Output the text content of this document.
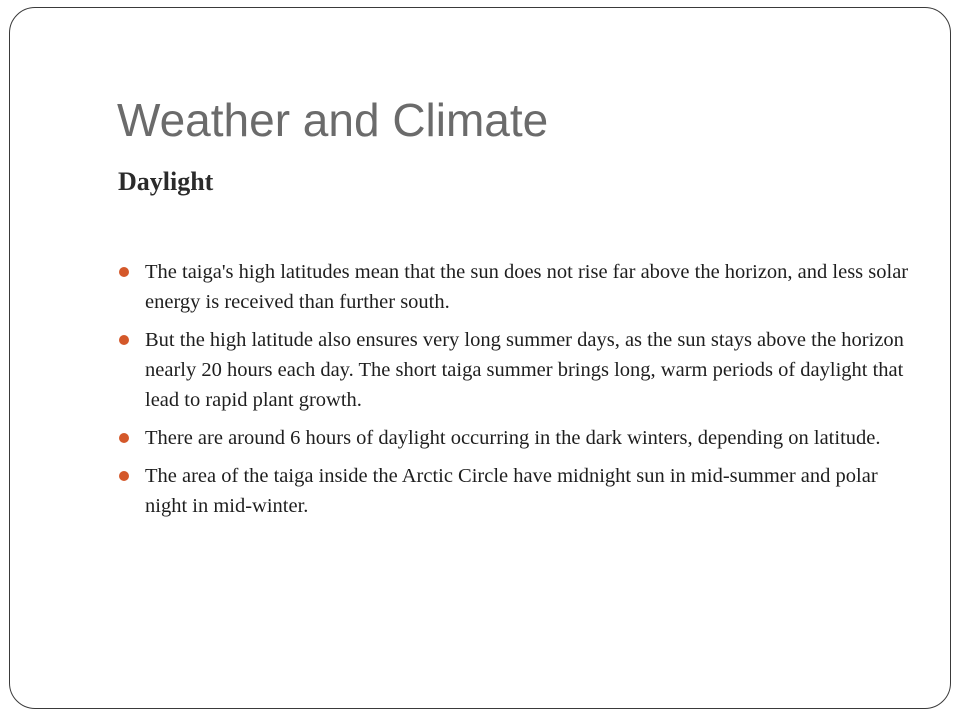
Weather and Climate
Daylight
The taiga's high latitudes mean that the sun does not rise far above the horizon, and less solar energy is received than further south.
But the high latitude also ensures very long summer days, as the sun stays above the horizon nearly 20 hours each day. The short taiga summer brings long, warm periods of daylight that lead to rapid plant growth.
There are around 6 hours of daylight occurring in the dark winters, depending on latitude.
The area of the taiga inside the Arctic Circle have midnight sun in mid-summer and polar night in mid-winter.
